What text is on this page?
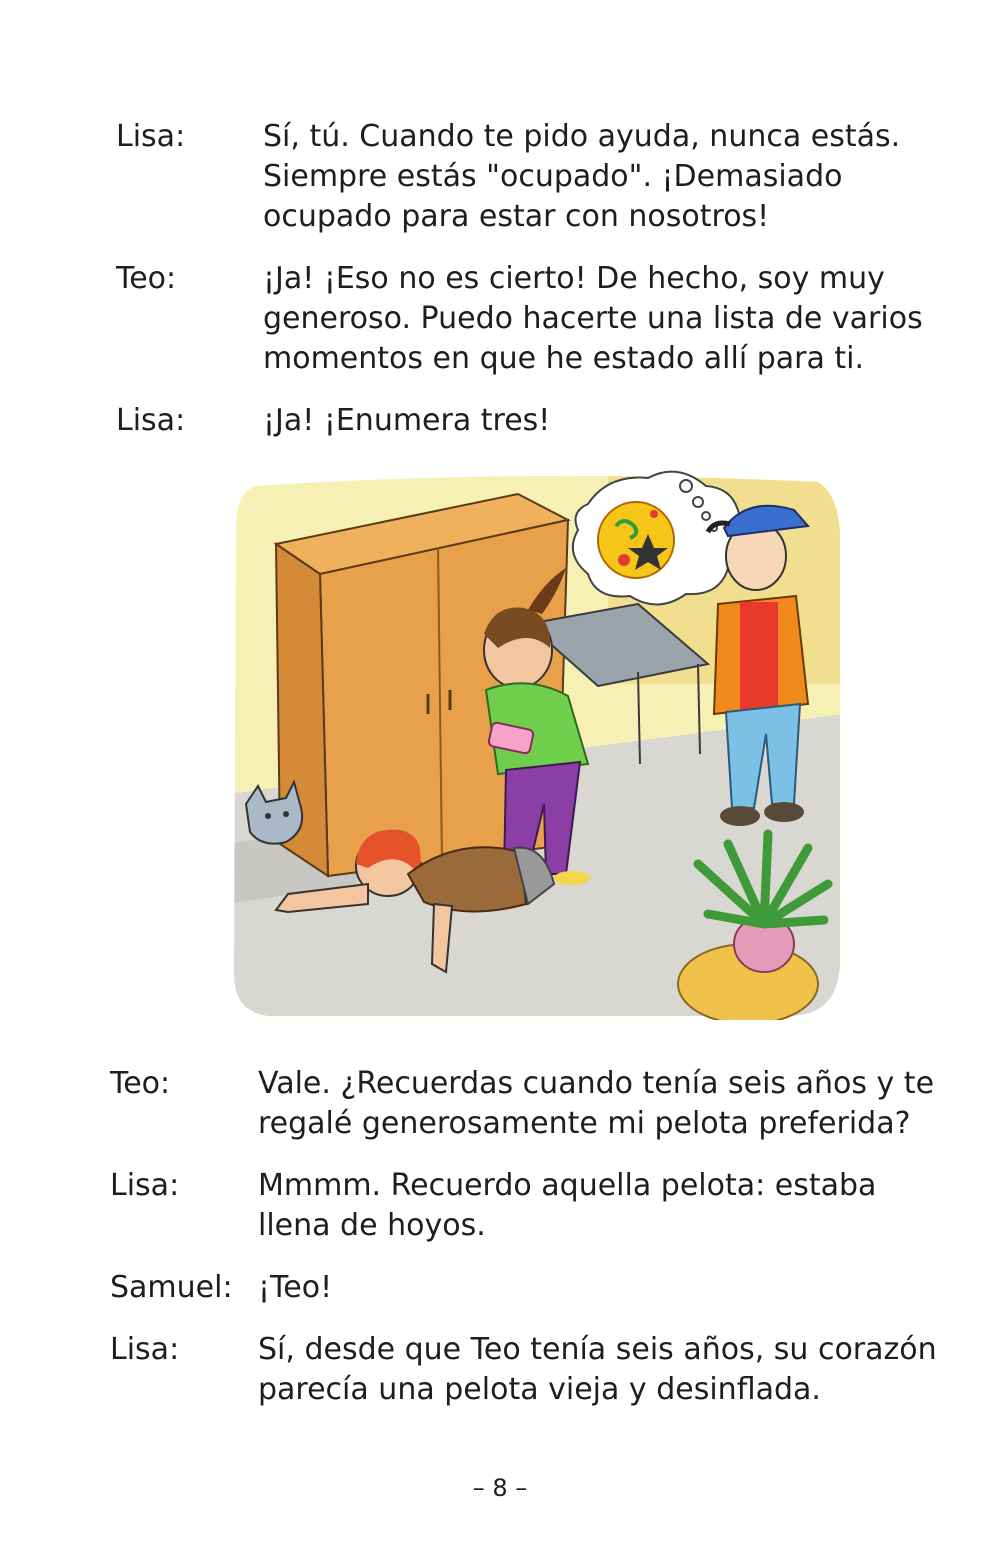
Lisa:	Sí, tú. Cuando te pido ayuda, nunca estás.
Siempre estás "ocupado". ¡Demasiado
ocupado para estar con nosotros!
Teo:	¡Ja! ¡Eso no es cierto! De hecho, soy muy
generoso. Puedo hacerte una lista de varios
momentos en que he estado allí para ti.
Lisa:	¡Ja! ¡Enumera tres!
Teo:	Vale. ¿Recuerdas cuando tenía seis años y te
regalé generosamente mi pelota preferida?
Lisa:	Mmmm. Recuerdo aquella pelota: estaba
llena de hoyos.
Samuel: ¡Teo!
Lisa:	Sí, desde que Teo tenía seis años, su corazón
parecía una pelota vieja y desinflada.
– 8 –
